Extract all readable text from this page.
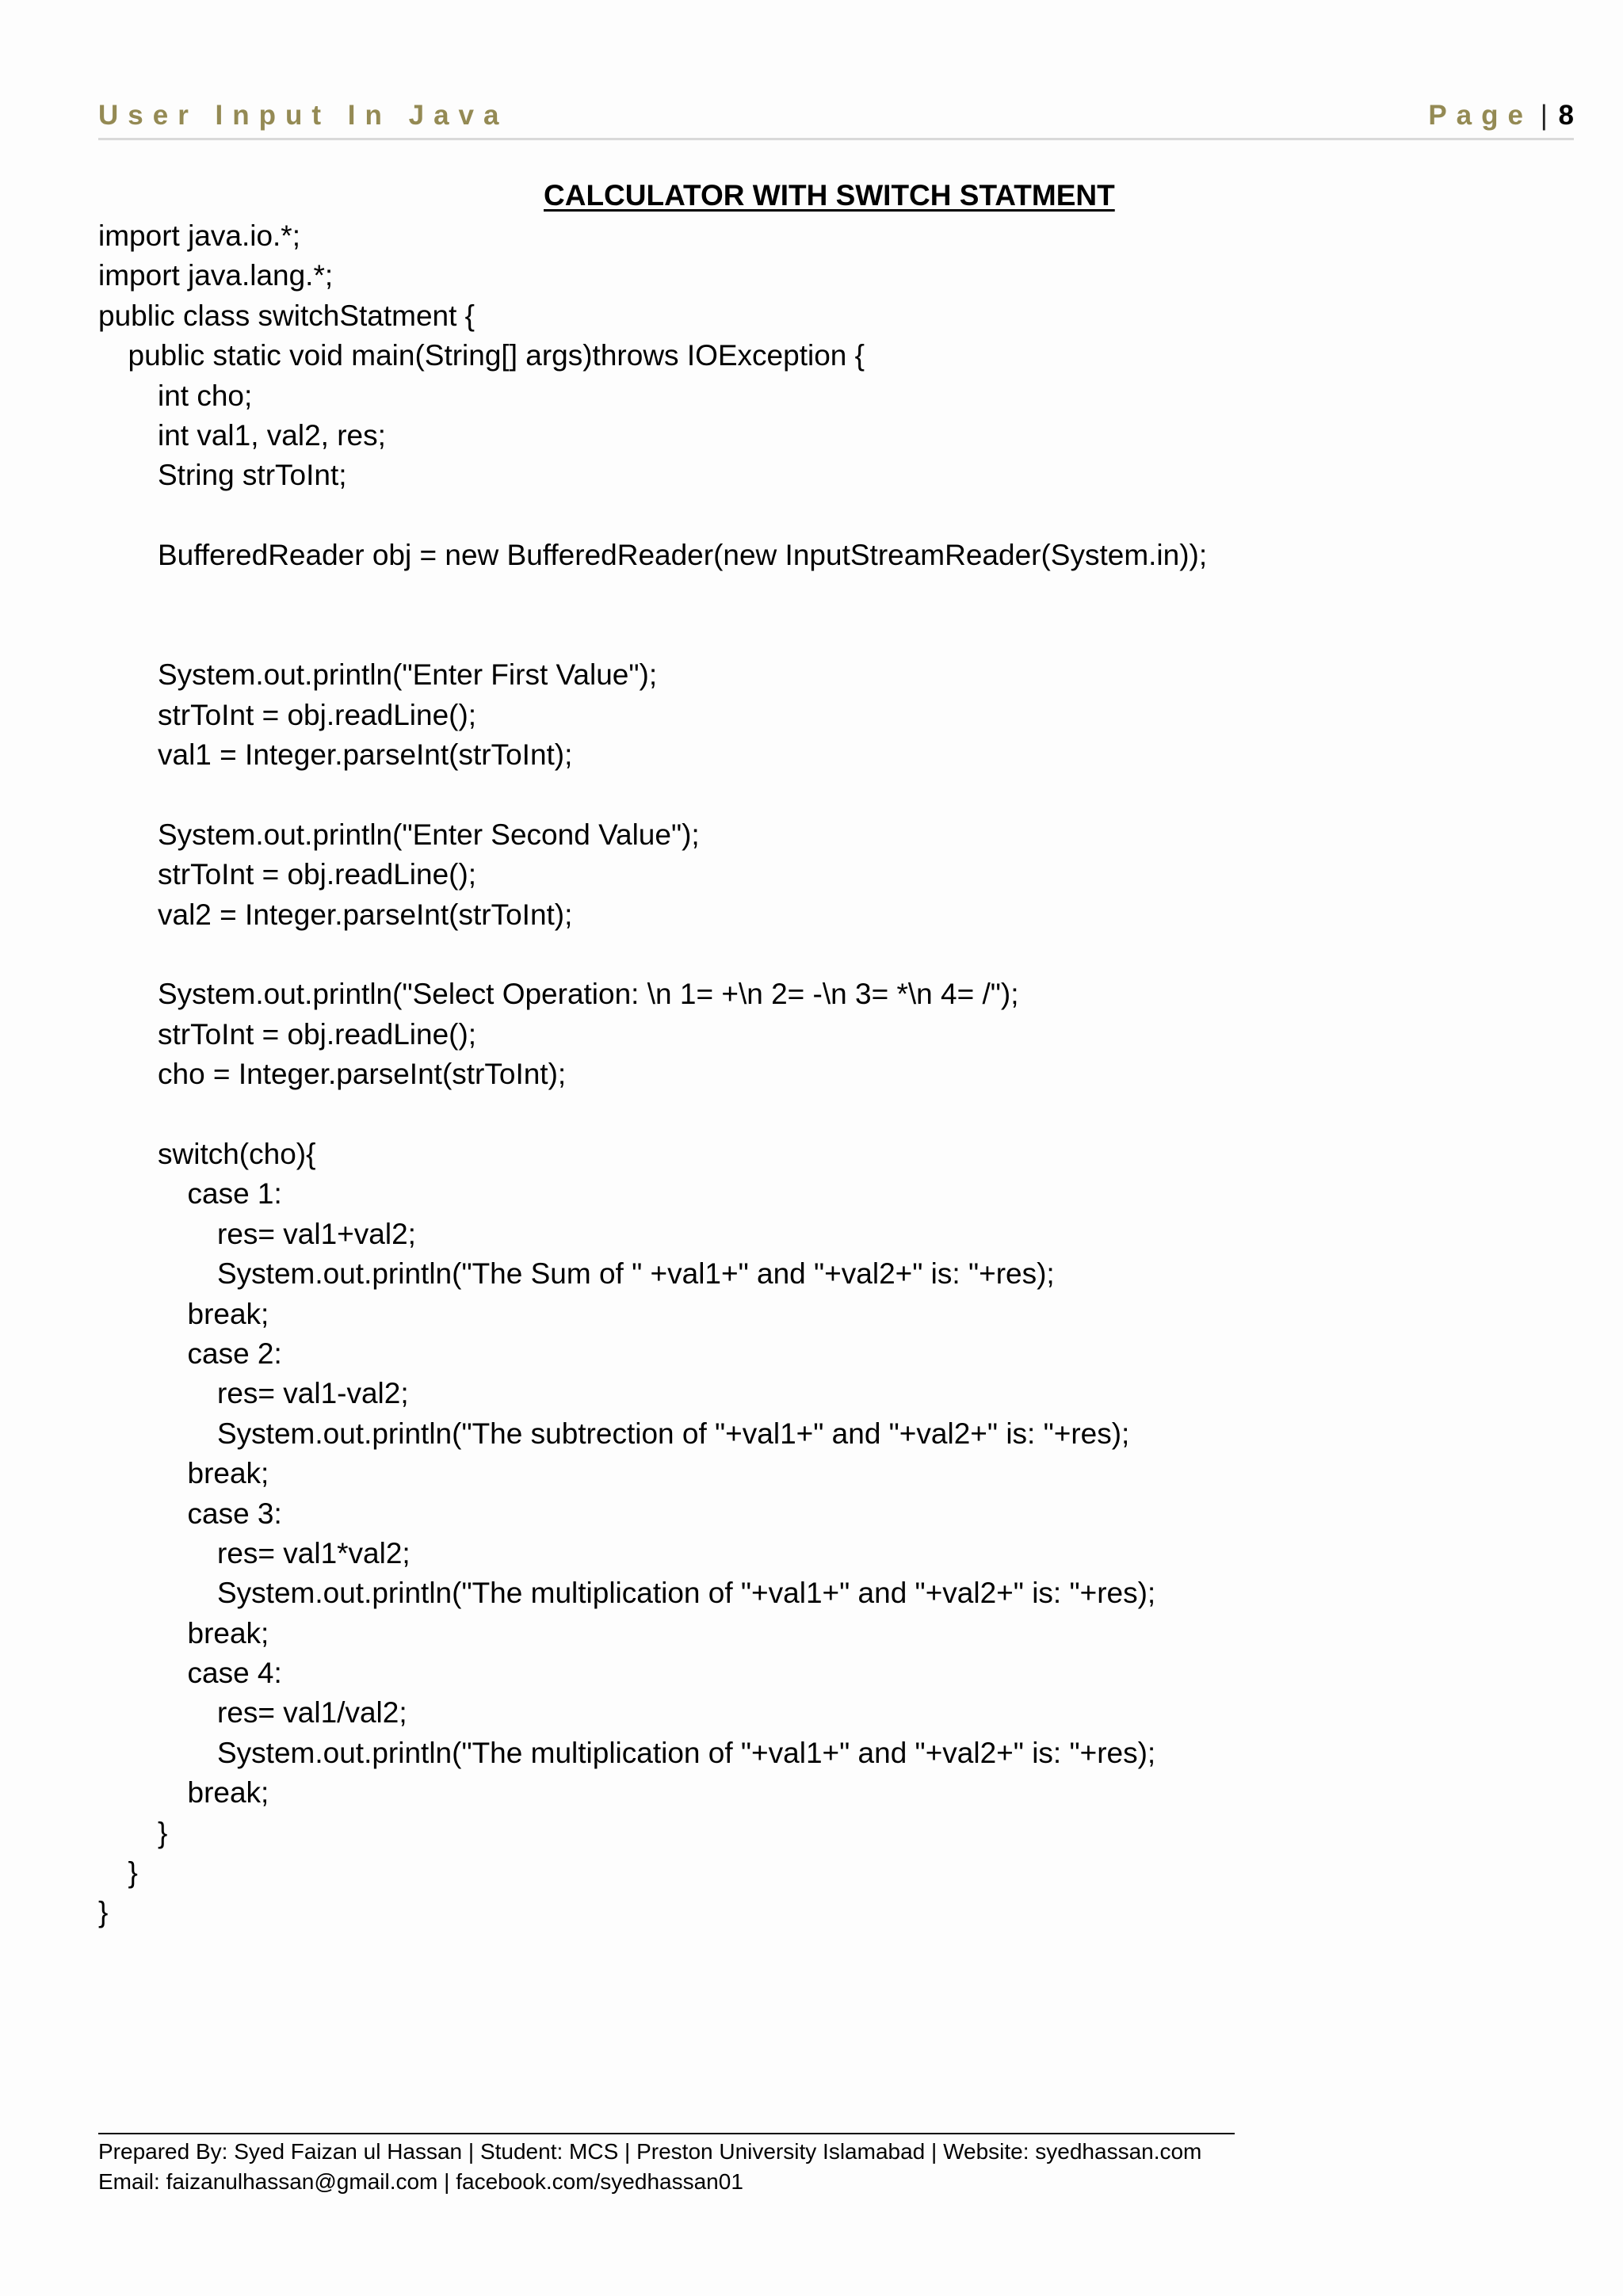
User Input In Java	Page | 8
CALCULATOR WITH SWITCH STATMENT
import java.io.*;
import java.lang.*;
public class switchStatment {
public static void main(String[] args)throws IOException {
int cho;
int val1, val2, res;
String strToInt;
BufferedReader obj = new BufferedReader(new InputStreamReader(System.in));
System.out.println("Enter First Value");
strToInt = obj.readLine();
val1 = Integer.parseInt(strToInt);
System.out.println("Enter Second Value");
strToInt = obj.readLine();
val2 = Integer.parseInt(strToInt);
System.out.println("Select Operation: \n 1= +\n 2= -\n 3= *\n 4= /");
strToInt = obj.readLine();
cho = Integer.parseInt(strToInt);
switch(cho){
case 1:
res= val1+val2;
System.out.println("The Sum of " +val1+" and "+val2+" is: "+res);
break;
case 2:
res= val1-val2;
System.out.println("The subtrection of "+val1+" and "+val2+" is: "+res);
break;
case 3:
res= val1*val2;
System.out.println("The multiplication of "+val1+" and "+val2+" is: "+res);
break;
case 4:
res= val1/val2;
System.out.println("The multiplication of "+val1+" and "+val2+" is: "+res);
break;
}
}
}
Prepared By: Syed Faizan ul Hassan | Student: MCS | Preston University Islamabad | Website: syedhassan.com
Email: faizanulhassan@gmail.com | facebook.com/syedhassan01
